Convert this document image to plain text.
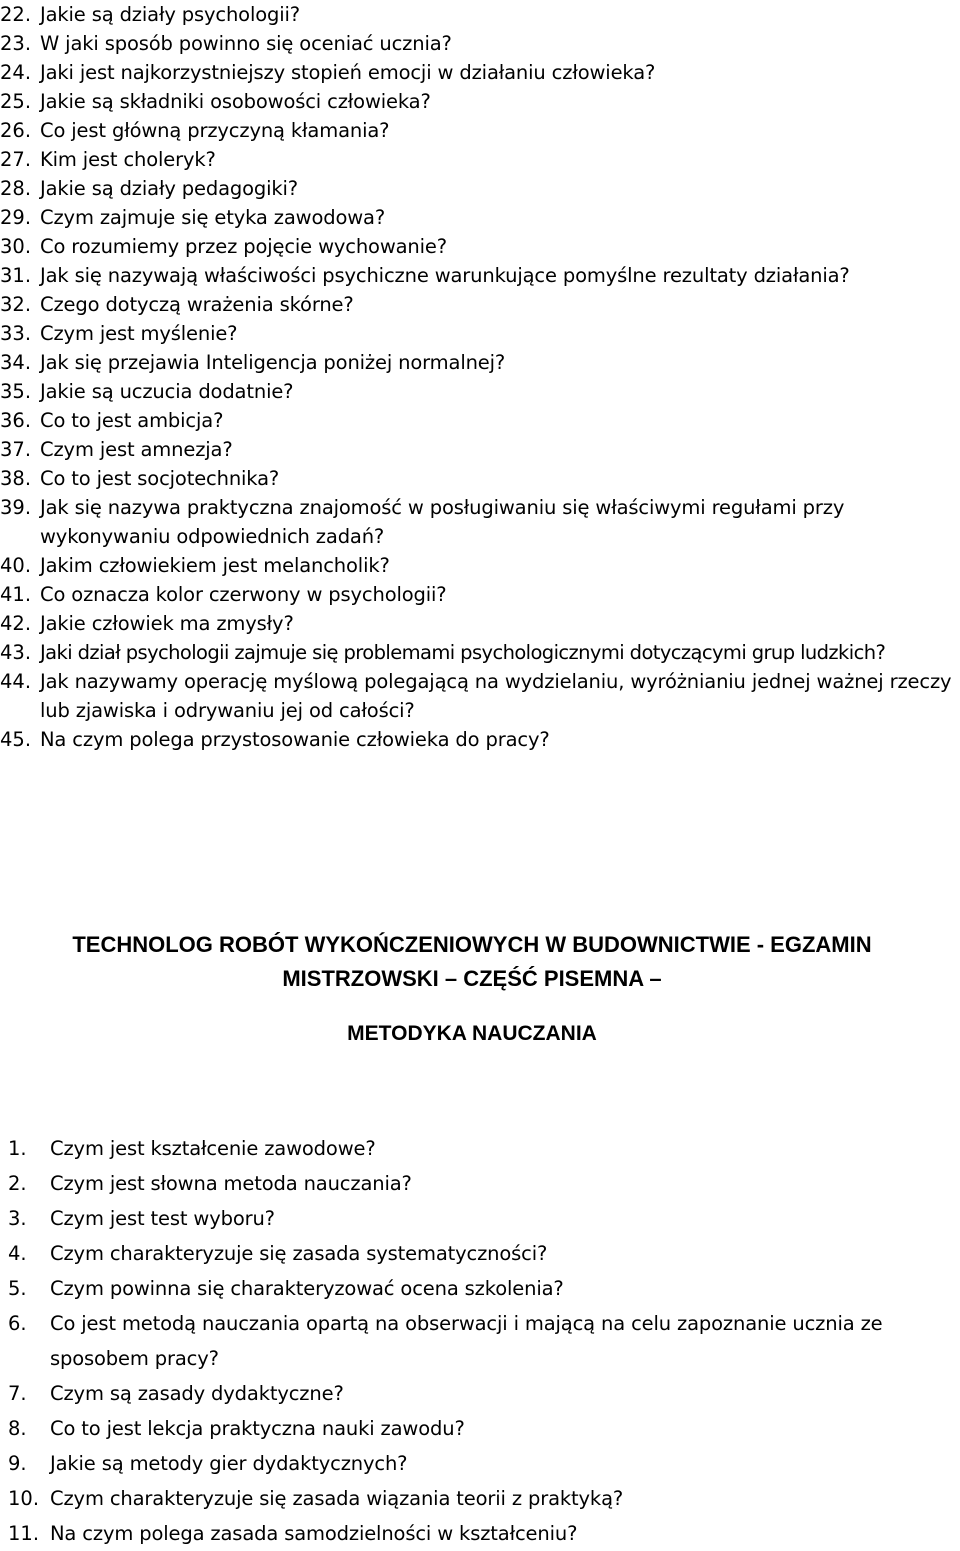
22. Jakie są działy psychologii?
23. W jaki sposób powinno się oceniać ucznia?
24. Jaki jest najkorzystniejszy stopień emocji w działaniu człowieka?
25. Jakie są składniki osobowości człowieka?
26. Co jest główną przyczyną kłamania?
27. Kim jest choleryk?
28. Jakie są działy pedagogiki?
29. Czym zajmuje się etyka zawodowa?
30. Co rozumiemy przez pojęcie wychowanie?
31. Jak się nazywają właściwości psychiczne warunkujące pomyślne rezultaty działania?
32. Czego dotyczą wrażenia skórne?
33. Czym jest myślenie?
34. Jak się przejawia Inteligencja poniżej normalnej?
35. Jakie są uczucia dodatnie?
36. Co to jest ambicja?
37. Czym jest amnezja?
38. Co to jest socjotechnika?
39. Jak się nazywa praktyczna znajomość w posługiwaniu się właściwymi regułami przy wykonywaniu odpowiednich zadań?
40. Jakim człowiekiem jest melancholik?
41. Co oznacza kolor czerwony w psychologii?
42. Jakie człowiek ma zmysły?
43. Jaki dział psychologii zajmuje się problemami psychologicznymi dotyczącymi grup ludzkich?
44. Jak nazywamy operację myślową polegającą na wydzielaniu, wyróżnianiu jednej ważnej rzeczy lub zjawiska i odrywaniu jej od całości?
45. Na czym polega przystosowanie człowieka do pracy?
TECHNOLOG ROBÓT WYKOŃCZENIOWYCH W BUDOWNICTWIE - EGZAMIN
MISTRZOWSKI – CZĘŚĆ PISEMNA –
METODYKA NAUCZANIA
1.	Czym jest kształcenie zawodowe?
2.	Czym jest słowna metoda nauczania?
3.	Czym jest test wyboru?
4.	Czym charakteryzuje się zasada systematyczności?
5.	Czym powinna się charakteryzować ocena szkolenia?
6.	Co jest metodą nauczania opartą na obserwacji i mającą na celu zapoznanie ucznia ze sposobem pracy?
7.	Czym są zasady dydaktyczne?
8.	Co to jest lekcja praktyczna nauki zawodu?
9.	Jakie są metody gier dydaktycznych?
10. Czym charakteryzuje się zasada wiązania teorii z praktyką?
11. Na czym polega zasada samodzielności w kształceniu?
